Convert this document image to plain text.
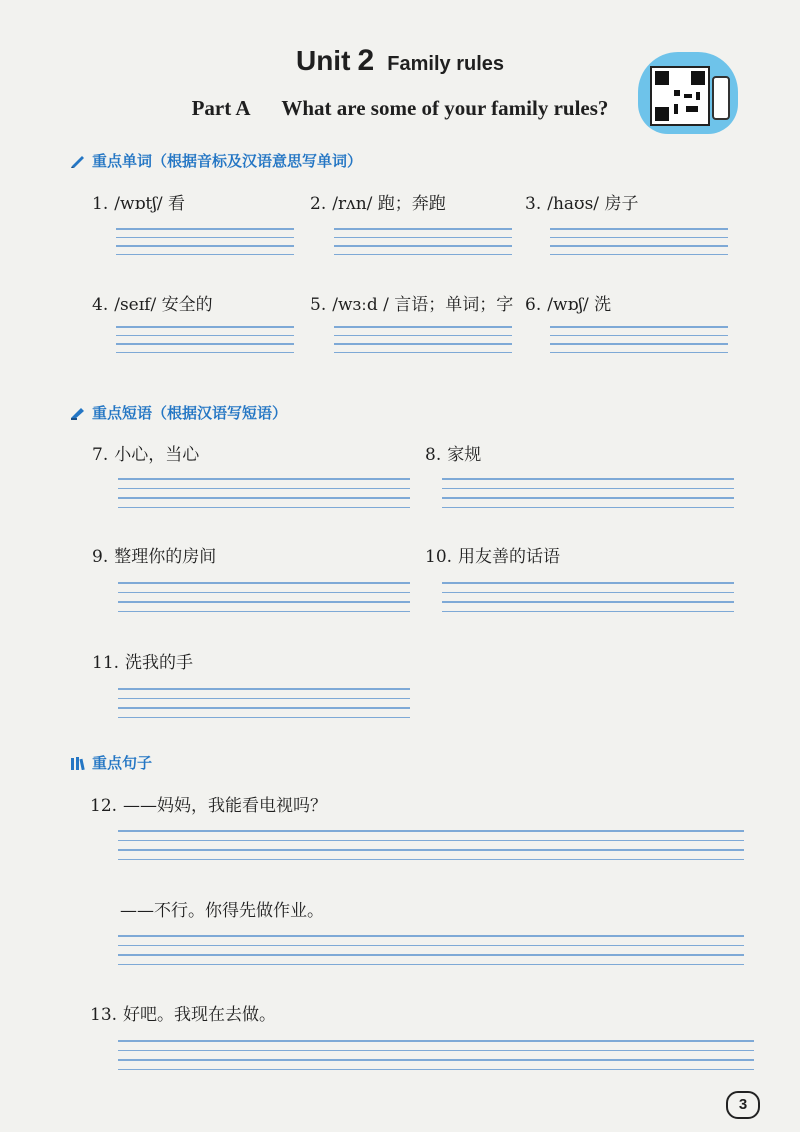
Unit 2 Family rules
Part A What are some of your family rules?
重点单词（根据音标及汉语意思写单词）
1. /wɒtʃ/ 看	2. /rʌn/ 跑；奔跑	3. /haʊs/ 房子
4. /seɪf/ 安全的	5. /wɜːd / 言语；单词；字 6. /wɒʃ/ 洗
重点短语（根据汉语写短语）
7. 小心，当心	8. 家规
9. 整理你的房间	10. 用友善的话语
11. 洗我的手
重点句子
12. ——妈妈，我能看电视吗？
——不行。你得先做作业。
13. 好吧。我现在去做。
3
